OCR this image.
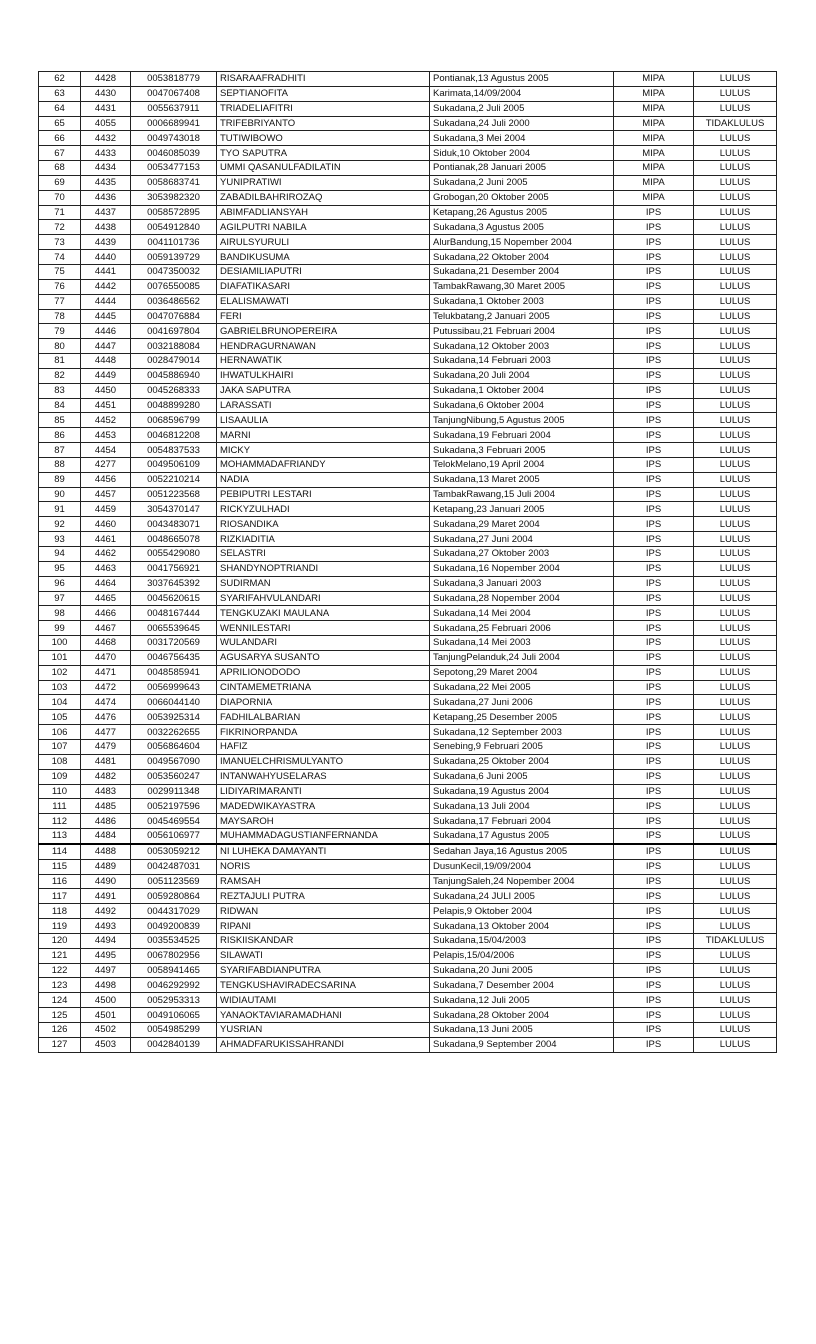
62	4428	0053818779	RISARAAFRADHITI	Pontianak,13 Agustus 2005	MIPA	LULUS
63	4430	0047067408	SEPTIANOFITA	Karimata,14/09/2004	MIPA	LULUS
64	4431	0055637911	TRIADELIAFITRI	Sukadana,2 Juli 2005	MIPA	LULUS
65	4055	0006689941	TRIFEBRIYANTO	Sukadana,24 Juli 2000	MIPA	TIDAKLULUS
66	4432	0049743018	TUTIWIBOWO	Sukadana,3 Mei 2004	MIPA	LULUS
67	4433	0046085039	TYO SAPUTRA	Siduk,10 Oktober 2004	MIPA	LULUS
68	4434	0053477153	UMMI QASANULFADILATIN	Pontianak,28 Januari 2005	MIPA	LULUS
69	4435	0058683741	YUNIPRATIWI	Sukadana,2 Juni 2005	MIPA	LULUS
70	4436	3053982320	ZABADILBAHRIROZAQ	Grobogan,20 Oktober 2005	MIPA	LULUS
71	4437	0058572895	ABIMFADLIANSYAH	Ketapang,26 Agustus 2005	IPS	LULUS
72	4438	0054912840	AGILPUTRI NABILA	Sukadana,3 Agustus 2005	IPS	LULUS
73	4439	0041101736	AIRULSYURULI	AlurBandung,15 Nopember 2004	IPS	LULUS
74	4440	0059139729	BANDIKUSUMA	Sukadana,22 Oktober 2004	IPS	LULUS
75	4441	0047350032	DESIAMILIAPUTRI	Sukadana,21 Desember 2004	IPS	LULUS
76	4442	0076550085	DIAFATIKASARI	TambakRawang,30 Maret 2005	IPS	LULUS
77	4444	0036486562	ELALISMAWATI	Sukadana,1 Oktober 2003	IPS	LULUS
78	4445	0047076884	FERI	Telukbatang,2 Januari 2005	IPS	LULUS
79	4446	0041697804	GABRIELBRUNOPEREIRA	Putussibau,21 Februari 2004	IPS	LULUS
80	4447	0032188084	HENDRAGURNAWAN	Sukadana,12 Oktober 2003	IPS	LULUS
81	4448	0028479014	HERNAWATIK	Sukadana,14 Februari 2003	IPS	LULUS
82	4449	0045886940	IHWATULKHAIRI	Sukadana,20 Juli 2004	IPS	LULUS
83	4450	0045268333	JAKA SAPUTRA	Sukadana,1 Oktober 2004	IPS	LULUS
84	4451	0048899280	LARASSATI	Sukadana,6 Oktober 2004	IPS	LULUS
85	4452	0068596799	LISAAULIA	TanjungNibung,5 Agustus 2005	IPS	LULUS
86	4453	0046812208	MARNI	Sukadana,19 Februari 2004	IPS	LULUS
87	4454	0054837533	MICKY	Sukadana,3 Februari 2005	IPS	LULUS
88	4277	0049506109	MOHAMMADAFRIANDY	TelokMelano,19 April 2004	IPS	LULUS
89	4456	0052210214	NADIA	Sukadana,13 Maret 2005	IPS	LULUS
90	4457	0051223568	PEBIPUTRI LESTARI	TambakRawang,15 Juli 2004	IPS	LULUS
91	4459	3054370147	RICKYZULHADI	Ketapang,23 Januari 2005	IPS	LULUS
92	4460	0043483071	RIOSANDIKA	Sukadana,29 Maret 2004	IPS	LULUS
93	4461	0048665078	RIZKIADITIA	Sukadana,27 Juni 2004	IPS	LULUS
94	4462	0055429080	SELASTRI	Sukadana,27 Oktober 2003	IPS	LULUS
95	4463	0041756921	SHANDYNOPTRIANDI	Sukadana,16 Nopember 2004	IPS	LULUS
96	4464	3037645392	SUDIRMAN	Sukadana,3 Januari 2003	IPS	LULUS
97	4465	0045620615	SYARIFAHVULANDARI	Sukadana,28 Nopember 2004	IPS	LULUS
98	4466	0048167444	TENGKUZAKI MAULANA	Sukadana,14 Mei 2004	IPS	LULUS
99	4467	0065539645	WENNILESTARI	Sukadana,25 Februari 2006	IPS	LULUS
100	4468	0031720569	WULANDARI	Sukadana,14 Mei 2003	IPS	LULUS
101	4470	0046756435	AGUSARYA SUSANTO	TanjungPelanduk,24 Juli 2004	IPS	LULUS
102	4471	0048585941	APRILIONODODO	Sepotong,29 Maret 2004	IPS	LULUS
103	4472	0056999643	CINTAMEMETRIANA	Sukadana,22 Mei 2005	IPS	LULUS
104	4474	0066044140	DIAPORNIA	Sukadana,27 Juni 2006	IPS	LULUS
105	4476	0053925314	FADHILALBARIAN	Ketapang,25 Desember 2005	IPS	LULUS
106	4477	0032262655	FIKRINORPANDA	Sukadana,12 September 2003	IPS	LULUS
107	4479	0056864604	HAFIZ	Senebing,9 Februari 2005	IPS	LULUS
108	4481	0049567090	IMANUELCHRISMULYANTO	Sukadana,25 Oktober 2004	IPS	LULUS
109	4482	0053560247	INTANWAHYUSELARAS	Sukadana,6 Juni 2005	IPS	LULUS
110	4483	0029911348	LIDIYARIMARANTI	Sukadana,19 Agustus 2004	IPS	LULUS
111	4485	0052197596	MADEDWIKAYASTRA	Sukadana,13 Juli 2004	IPS	LULUS
112	4486	0045469554	MAYSAROH	Sukadana,17 Februari 2004	IPS	LULUS
113	4484	0056106977	MUHAMMADAGUSTIANFERNANDA	Sukadana,17 Agustus 2005	IPS	LULUS
114	4488	0053059212	NI LUHEKA DAMAYANTI	Sedahan Jaya,16 Agustus 2005	IPS	LULUS
115	4489	0042487031	NORIS	DusunKecil,19/09/2004	IPS	LULUS
116	4490	0051123569	RAMSAH	TanjungSaleh,24 Nopember 2004	IPS	LULUS
117	4491	0059280864	REZTAJULI PUTRA	Sukadana,24 JULI 2005	IPS	LULUS
118	4492	0044317029	RIDWAN	Pelapis,9 Oktober 2004	IPS	LULUS
119	4493	0049200839	RIPANI	Sukadana,13 Oktober 2004	IPS	LULUS
120	4494	0035534525	RISKIISKANDAR	Sukadana,15/04/2003	IPS	TIDAKLULUS
121	4495	0067802956	SILAWATI	Pelapis,15/04/2006	IPS	LULUS
122	4497	0058941465	SYARIFABDIANPUTRA	Sukadana,20 Juni 2005	IPS	LULUS
123	4498	0046292992	TENGKUSHAVIRADECSARINA	Sukadana,7 Desember 2004	IPS	LULUS
124	4500	0052953313	WIDIAUTAMI	Sukadana,12 Juli 2005	IPS	LULUS
125	4501	0049106065	YANAOKTAVIARAMADHANI	Sukadana,28 Oktober 2004	IPS	LULUS
126	4502	0054985299	YUSRIAN	Sukadana,13 Juni 2005	IPS	LULUS
127	4503	0042840139	AHMADFARUKISSAHRANDI	Sukadana,9 September 2004	IPS	LULUS
